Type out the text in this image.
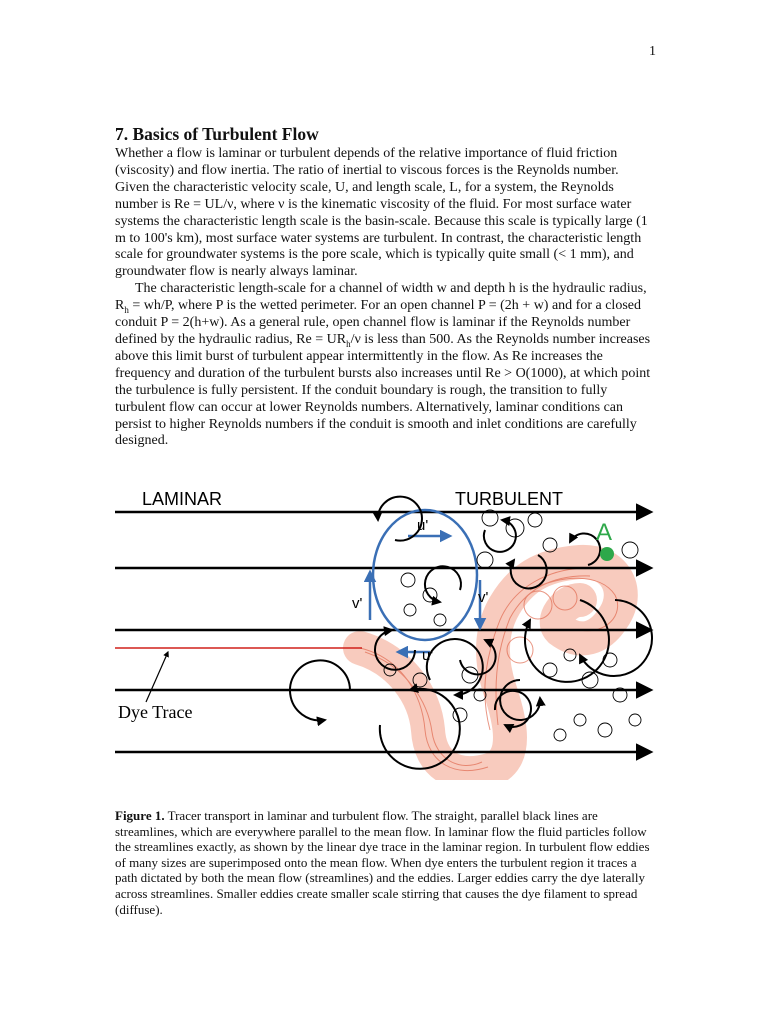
1
7. Basics of Turbulent Flow

Whether a flow is laminar or turbulent depends of the relative importance of fluid friction (viscosity) and flow inertia. The ratio of inertial to viscous forces is the Reynolds number. Given the characteristic velocity scale, U, and length scale, L, for a system, the Reynolds number is Re = UL/ν, where ν is the kinematic viscosity of the fluid. For most surface water systems the characteristic length scale is the basin-scale. Because this scale is typically large (1 m to 100's km), most surface water systems are turbulent. In contrast, the characteristic length scale for groundwater systems is the pore scale, which is typically quite small (< 1 mm), and groundwater flow is nearly always laminar.

The characteristic length-scale for a channel of width w and depth h is the hydraulic radius, $R_h = wh/P$, where P is the wetted perimeter. For an open channel P = (2h + w) and for a closed conduit P = 2(h+w). As a general rule, open channel flow is laminar if the Reynolds number defined by the hydraulic radius, $Re = UR_h/\nu$ is less than 500. As the Reynolds number increases above this limit burst of turbulent appear intermittently in the flow. As Re increases the frequency and duration of the turbulent bursts also increases until Re > O(1000), at which point the turbulence is fully persistent. If the conduit boundary is rough, the transition to fully turbulent flow can occur at lower Reynolds numbers. Alternatively, laminar conditions can persist to higher Reynolds numbers if the conduit is smooth and inlet conditions are carefully designed.

LAMINAR	TURBULENT
u'
u'
v'	v'
A
Dye Trace

Figure 1. Tracer transport in laminar and turbulent flow. The straight, parallel black lines are streamlines, which are everywhere parallel to the mean flow. In laminar flow the fluid particles follow the streamlines exactly, as shown by the linear dye trace in the laminar region. In turbulent flow eddies of many sizes are superimposed onto the mean flow. When dye enters the turbulent region it traces a path dictated by both the mean flow (streamlines) and the eddies. Larger eddies carry the dye laterally across streamlines. Smaller eddies create smaller scale stirring that causes the dye filament to spread (diffuse).
